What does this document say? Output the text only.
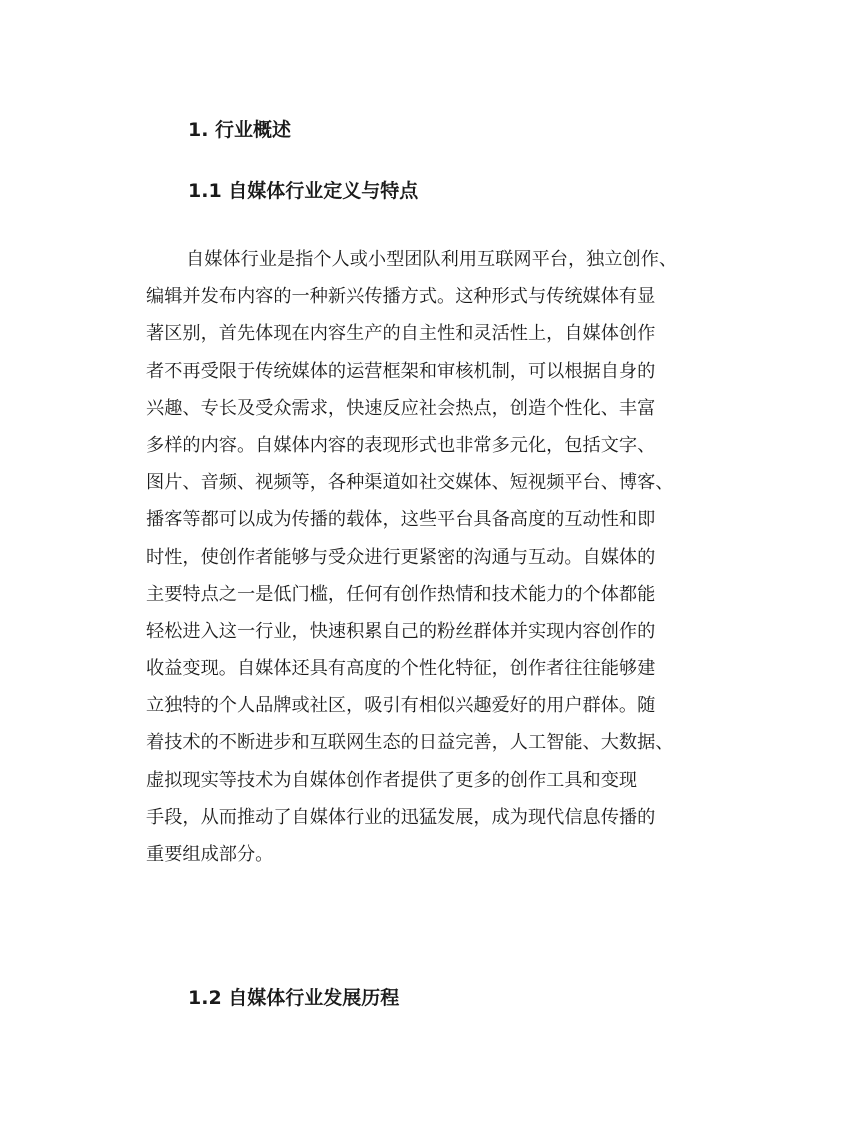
1. 行业概述
1.1 自媒体行业定义与特点
自媒体行业是指个人或小型团队利用互联网平台，独立创作、
编辑并发布内容的一种新兴传播方式。这种形式与传统媒体有显
著区别，首先体现在内容生产的自主性和灵活性上，自媒体创作
者不再受限于传统媒体的运营框架和审核机制，可以根据自身的
兴趣、专长及受众需求，快速反应社会热点，创造个性化、丰富
多样的内容。自媒体内容的表现形式也非常多元化，包括文字、
图片、音频、视频等，各种渠道如社交媒体、短视频平台、博客、
播客等都可以成为传播的载体，这些平台具备高度的互动性和即
时性，使创作者能够与受众进行更紧密的沟通与互动。自媒体的
主要特点之一是低门槛，任何有创作热情和技术能力的个体都能
轻松进入这一行业，快速积累自己的粉丝群体并实现内容创作的
收益变现。自媒体还具有高度的个性化特征，创作者往往能够建
立独特的个人品牌或社区，吸引有相似兴趣爱好的用户群体。随
着技术的不断进步和互联网生态的日益完善，人工智能、大数据、
虚拟现实等技术为自媒体创作者提供了更多的创作工具和变现
手段，从而推动了自媒体行业的迅猛发展，成为现代信息传播的
重要组成部分。
1.2 自媒体行业发展历程
